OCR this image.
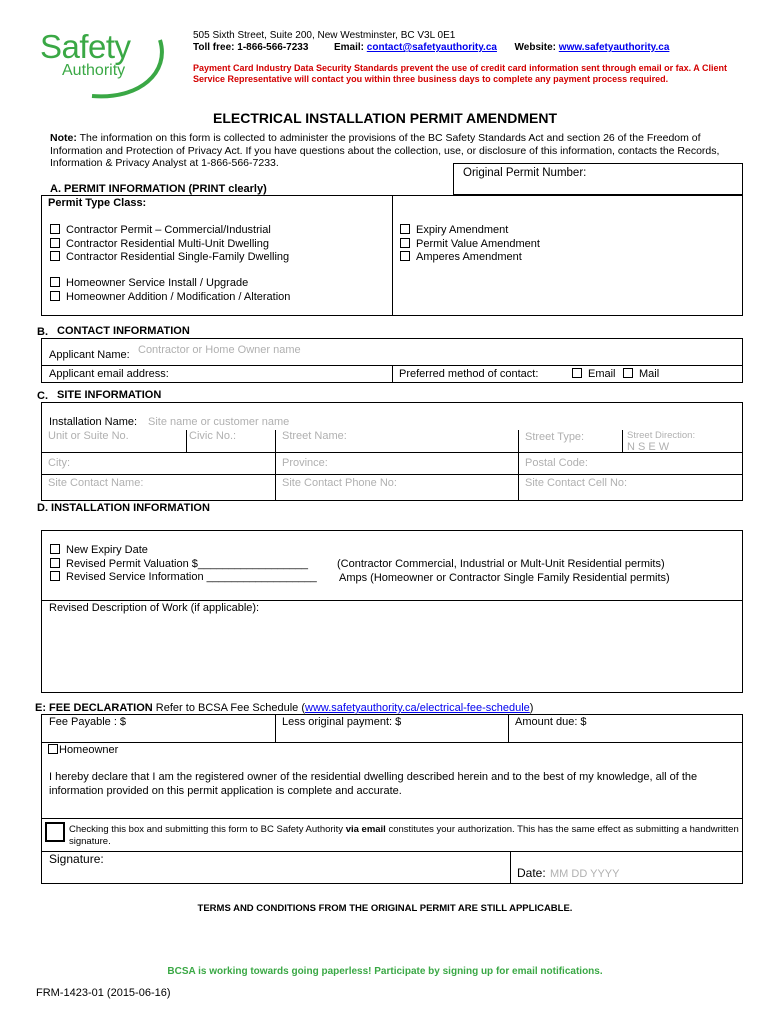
Safety
Authority
505 Sixth Street, Suite 200, New Westminster, BC V3L 0E1
Toll free: 1-866-566-7233	Email: contact@safetyauthority.ca Website: www.safetyauthority.ca
Payment Card Industry Data Security Standards prevent the use of credit card information sent through email or fax. A Client
Service Representative will contact you within three business days to complete any payment process required.
ELECTRICAL INSTALLATION PERMIT AMENDMENT
Note: The information on this form is collected to administer the provisions of the BC Safety Standards Act and section 26 of the Freedom of Information and Protection of Privacy Act. If you have questions about the collection, use, or disclosure of this information, contacts the Records, Information & Privacy Analyst at 1-866-566-7233.
Original Permit Number:
A. PERMIT INFORMATION (PRINT clearly)
Permit Type Class:
Contractor Permit – Commercial/Industrial
Contractor Residential Multi-Unit Dwelling
Contractor Residential Single-Family Dwelling
Homeowner Service Install / Upgrade
Homeowner Addition / Modification / Alteration
Expiry Amendment
Permit Value Amendment
Amperes Amendment
B. CONTACT INFORMATION
Applicant Name: Contractor or Home Owner name
Applicant email address:	Preferred method of contact:	Email	Mail
C. SITE INFORMATION
Installation Name: Site name or customer name
Unit or Suite No.	Civic No.:	Street Name:	Street Type:	Street Direction:
N S E W
City:	Province:	Postal Code:
Site Contact Name:	Site Contact Phone No:	Site Contact Cell No:
D. INSTALLATION INFORMATION
New Expiry Date
Revised Permit Valuation $__________________
Revised Service Information __________________
(Contractor Commercial, Industrial or Mult-Unit Residential permits)
Amps (Homeowner or Contractor Single Family Residential permits)
Revised Description of Work (if applicable):
E: FEE DECLARATION Refer to BCSA Fee Schedule (www.safetyauthority.ca/electrical-fee-schedule)
Fee Payable : $	Less original payment: $	Amount due: $
Homeowner
I hereby declare that I am the registered owner of the residential dwelling described herein and to the best of my knowledge, all of the information provided on this permit application is complete and accurate.
Checking this box and submitting this form to BC Safety Authority via email constitutes your authorization. This has the same effect as submitting a handwritten signature.
Signature:
Date: MM DD YYYY
TERMS AND CONDITIONS FROM THE ORIGINAL PERMIT ARE STILL APPLICABLE.
BCSA is working towards going paperless! Participate by signing up for email notifications.
FRM-1423-01 (2015-06-16)
